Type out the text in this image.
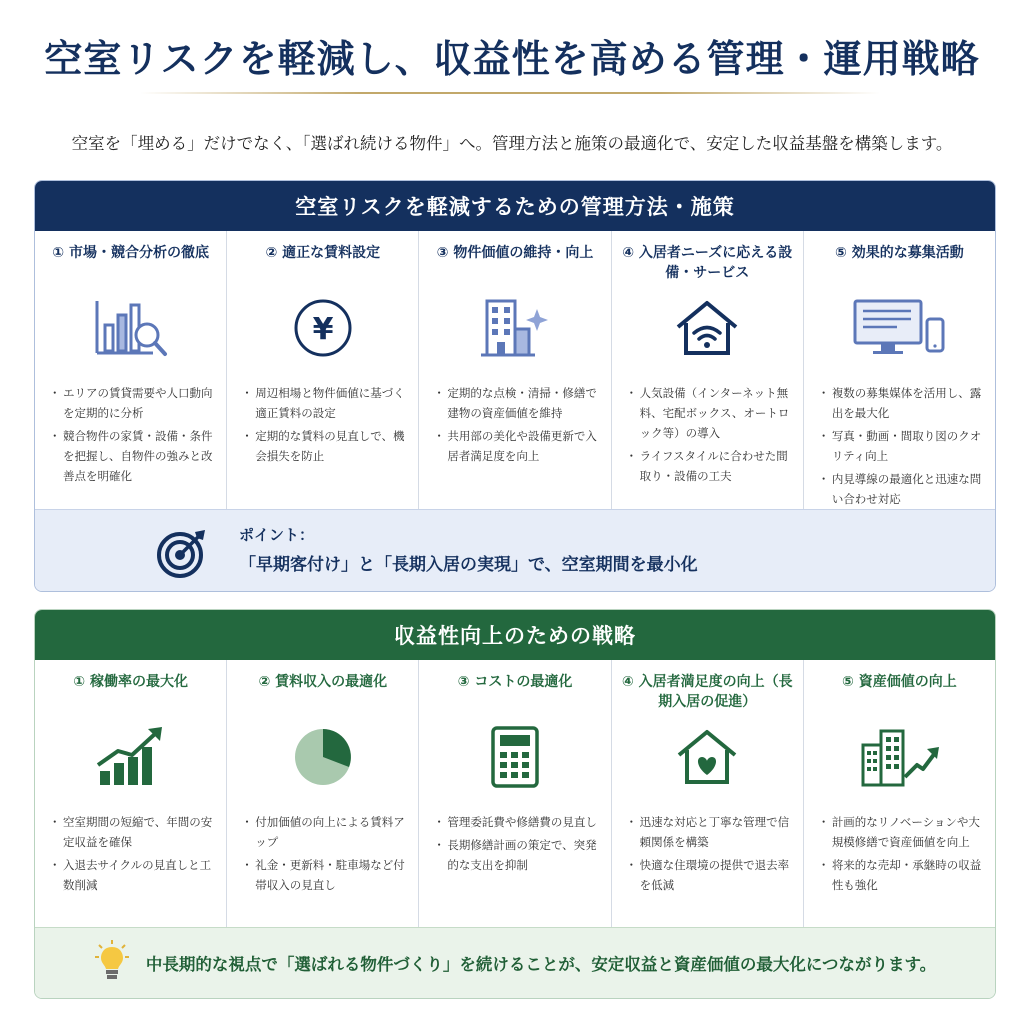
空室リスクを軽減し、収益性を高める管理・運用戦略
空室を「埋める」だけでなく、「選ばれ続ける物件」へ。管理方法と施策の最適化で、安定した収益基盤を構築します。
空室リスクを軽減するための管理方法・施策
① 市場・競合分析の徹底
・ エリアの賃貸需要や人口動向を定期的に分析
・ 競合物件の家賃・設備・条件を把握し、自物件の強みと改善点を明確化
② 適正な賃料設定
¥
・ 周辺相場と物件価値に基づく適正賃料の設定
・ 定期的な賃料の見直しで、機会損失を防止
③ 物件価値の維持・向上
・ 定期的な点検・清掃・修繕で建物の資産価値を維持
・ 共用部の美化や設備更新で入居者満足度を向上
④ 入居者ニーズに応える設備・サービス
・ 人気設備（インターネット無料、宅配ボックス、オートロック等）の導入
・ ライフスタイルに合わせた間取り・設備の工夫
⑤ 効果的な募集活動
・ 複数の募集媒体を活用し、露出を最大化
・ 写真・動画・間取り図のクオリティ向上
・ 内見導線の最適化と迅速な問い合わせ対応
ポイント：
「早期客付け」と「長期入居の実現」で、空室期間を最小化
収益性向上のための戦略
① 稼働率の最大化
・ 空室期間の短縮で、年間の安定収益を確保
・ 入退去サイクルの見直しと工数削減
② 賃料収入の最適化
・ 付加価値の向上による賃料アップ
・ 礼金・更新料・駐車場など付帯収入の見直し
③ コストの最適化
・ 管理委託費や修繕費の見直し
・ 長期修繕計画の策定で、突発的な支出を抑制
④ 入居者満足度の向上（長期入居の促進）
・ 迅速な対応と丁寧な管理で信頼関係を構築
・ 快適な住環境の提供で退去率を低減
⑤ 資産価値の向上
・ 計画的なリノベーションや大規模修繕で資産価値を向上
・ 将来的な売却・承継時の収益性も強化
中長期的な視点で「選ばれる物件づくり」を続けることが、安定収益と資産価値の最大化につながります。
